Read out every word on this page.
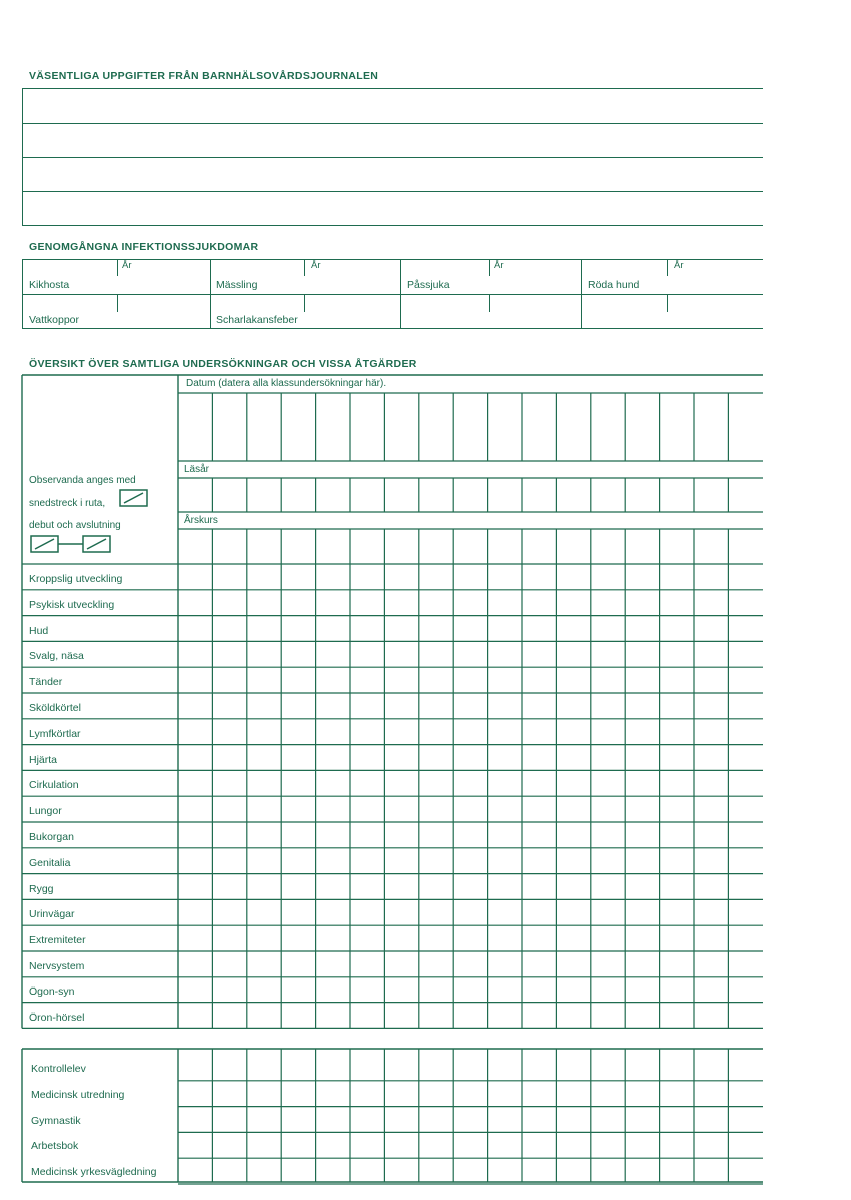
VÄSENTLIGA UPPGIFTER FRÅN BARNHÄLSOVÅRDSJOURNALEN
GENOMGÅNGNA INFEKTIONSSJUKDOMAR
År	År	År	År
Kikhosta	Mässling	Påssjuka	Röda hund
Vattkoppor	Scharlakansfeber
ÖVERSIKT ÖVER SAMTLIGA UNDERSÖKNINGAR OCH VISSA ÅTGÄRDER
Datum (datera alla klassundersökningar här).
Läsår
Årskurs
Observanda anges med
snedstreck i ruta,
debut och avslutning
Kroppslig utveckling
Psykisk utveckling
Hud
Svalg, näsa
Tänder
Sköldkörtel
Lymfkörtlar
Hjärta
Cirkulation
Lungor
Bukorgan
Genitalia
Rygg
Urinvägar
Extremiteter
Nervsystem
Ögon-syn
Öron-hörsel
Kontrollelev
Medicinsk utredning
Gymnastik
Arbetsbok
Medicinsk yrkesvägledning
